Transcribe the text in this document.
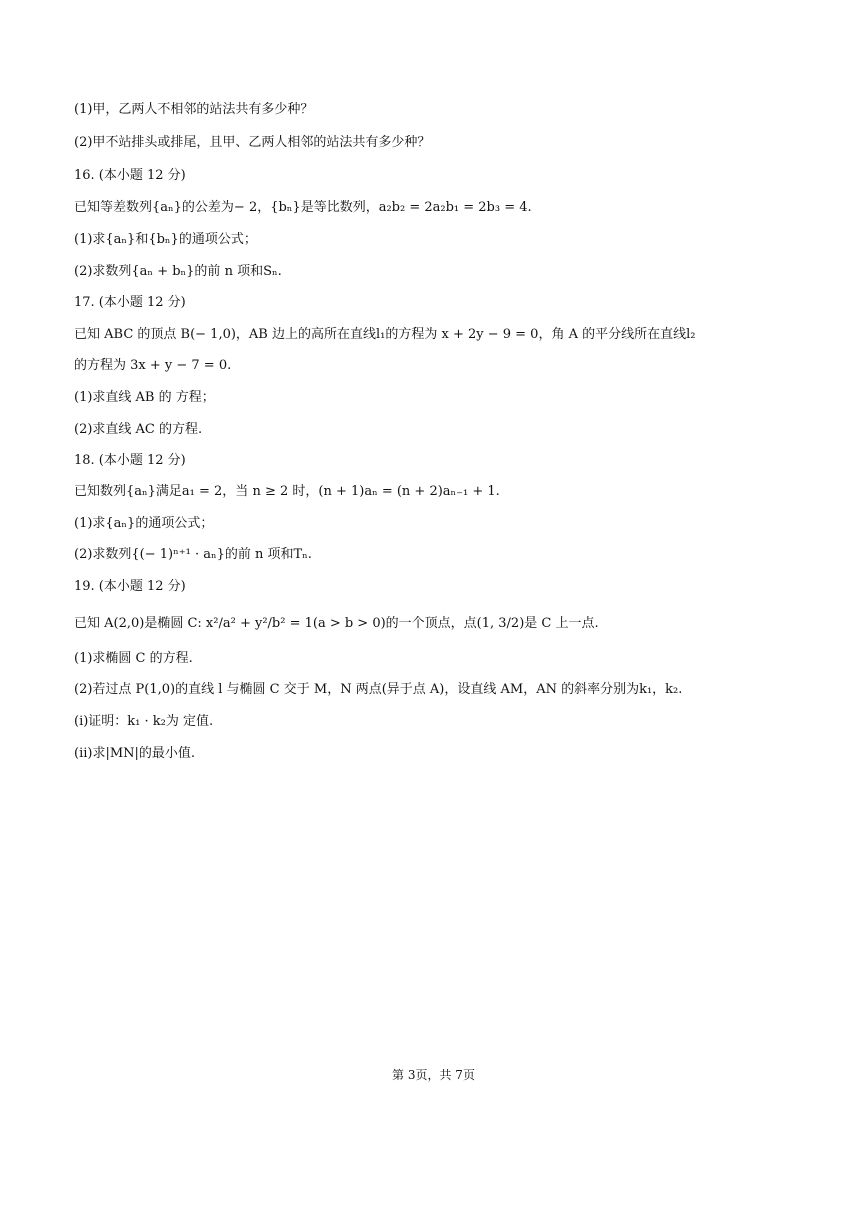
(1)甲，乙两人不相邻的站法共有多少种？
(2)甲不站排头或排尾，且甲、乙两人相邻的站法共有多少种？
16. (本小题 12 分)
已知等差数列{aₙ}的公差为− 2，{bₙ}是等比数列，a₂b₂ = 2a₂b₁ = 2b₃ = 4.
(1)求{aₙ}和{bₙ}的通项公式；
(2)求数列{aₙ + bₙ}的前 n 项和Sₙ.
17. (本小题 12 分)
已知 ABC 的顶点 B(− 1,0)，AB 边上的高所在直线l₁的方程为 x + 2y − 9 = 0，角 A 的平分线所在直线l₂
的方程为 3x + y − 7 = 0.
(1)求直线 AB 的 方程；
(2)求直线 AC 的方程.
18. (本小题 12 分)
已知数列{aₙ}满足a₁ = 2，当 n ≥ 2 时，(n + 1)aₙ = (n + 2)aₙ₋₁ + 1.
(1)求{aₙ}的通项公式；
(2)求数列{(− 1)ⁿ⁺¹ · aₙ}的前 n 项和Tₙ.
19. (本小题 12 分)
已知 A(2,0)是椭圆 C: x²/a² + y²/b² = 1(a > b > 0)的一个顶点，点(1, 3/2)是 C 上一点.
(1)求椭圆 C 的方程.
(2)若过点 P(1,0)的直线 l 与椭圆 C 交于 M，N 两点(异于点 A)，设直线 AM，AN 的斜率分别为k₁，k₂.
(ⅰ)证明：k₁ · k₂为 定值.
(ⅱ)求|MN|的最小值.
第 3页，共 7页
